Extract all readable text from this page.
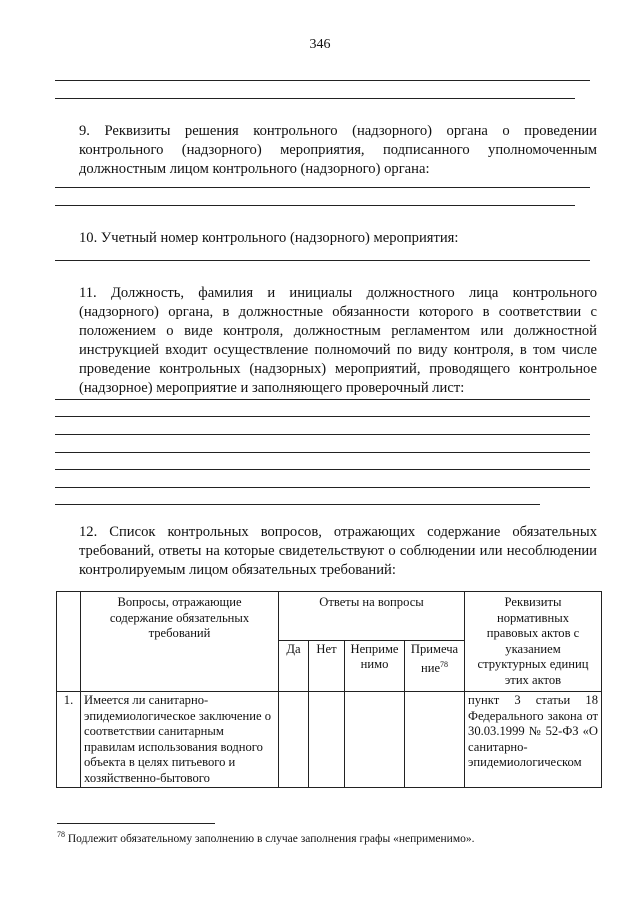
346
9. Реквизиты решения контрольного (надзорного) органа о проведении контрольного (надзорного) мероприятия, подписанного уполномоченным должностным лицом контрольного (надзорного) органа:
10. Учетный номер контрольного (надзорного) мероприятия:
11. Должность, фамилия и инициалы должностного лица контрольного (надзорного) органа, в должностные обязанности которого в соответствии с положением о виде контроля, должностным регламентом или должностной инструкцией входит осуществление полномочий по виду контроля, в том числе проведение контрольных (надзорных) мероприятий, проводящего контрольное (надзорное) мероприятие и заполняющего проверочный лист:
12. Список контрольных вопросов, отражающих содержание обязательных требований, ответы на которые свидетельствуют о соблюдении или несоблюдении контролируемым лицом обязательных требований:
	Вопросы, отражающие содержание обязательных требований	Ответы на вопросы				Реквизиты нормативных правовых актов с указанием структурных единиц этих актов
		Да	Нет	Неприме нимо	Примеча ние$^{78}$
1.	Имеется ли санитарно-эпидемиологическое заключение о соответствии санитарным правилам использования водного объекта в целях питьевого и хозяйственно-бытового					пункт 3 статьи 18 Федерального закона от 30.03.1999 № 52-ФЗ «О санитарно-эпидемиологическом
$^{78}$ Подлежит обязательному заполнению в случае заполнения графы «неприменимо».
